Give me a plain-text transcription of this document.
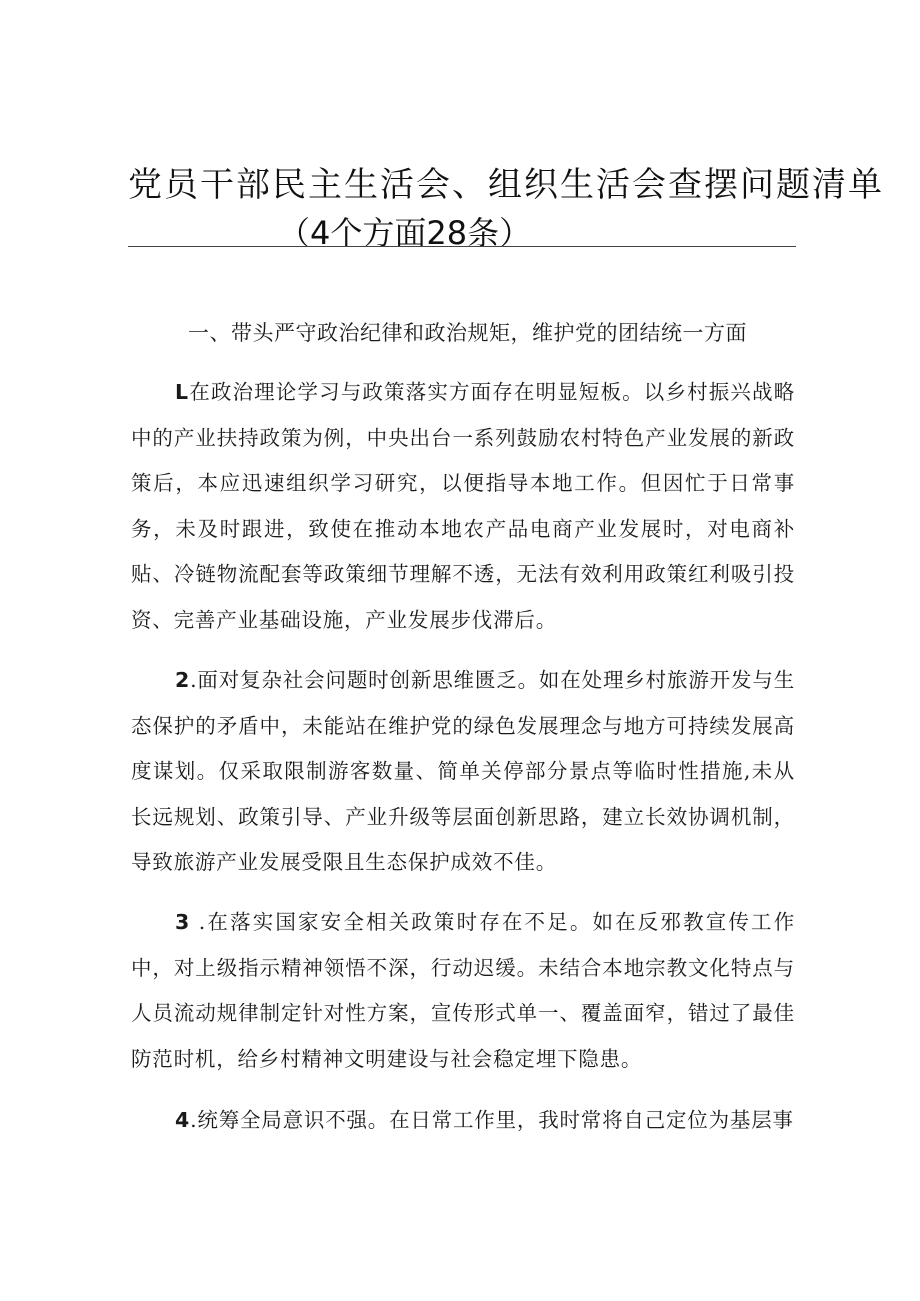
党员干部民主生活会、组织生活会查摆问题清单
（4个方面28条）
一、带头严守政治纪律和政治规矩，维护党的团结统一方面

L在政治理论学习与政策落实方面存在明显短板。以乡村振兴战略中的产业扶持政策为例，中央出台一系列鼓励农村特色产业发展的新政策后，本应迅速组织学习研究，以便指导本地工作。但因忙于日常事务，未及时跟进，致使在推动本地农产品电商产业发展时，对电商补贴、冷链物流配套等政策细节理解不透，无法有效利用政策红利吸引投资、完善产业基础设施，产业发展步伐滞后。

2.面对复杂社会问题时创新思维匮乏。如在处理乡村旅游开发与生态保护的矛盾中，未能站在维护党的绿色发展理念与地方可持续发展高度谋划。仅采取限制游客数量、简单关停部分景点等临时性措施,未从长远规划、政策引导、产业升级等层面创新思路，建立长效协调机制，导致旅游产业发展受限且生态保护成效不佳。

3 .在落实国家安全相关政策时存在不足。如在反邪教宣传工作中，对上级指示精神领悟不深，行动迟缓。未结合本地宗教文化特点与人员流动规律制定针对性方案，宣传形式单一、覆盖面窄，错过了最佳防范时机，给乡村精神文明建设与社会稳定埋下隐患。

4.统筹全局意识不强。在日常工作里，我时常将自己定位为基层事
